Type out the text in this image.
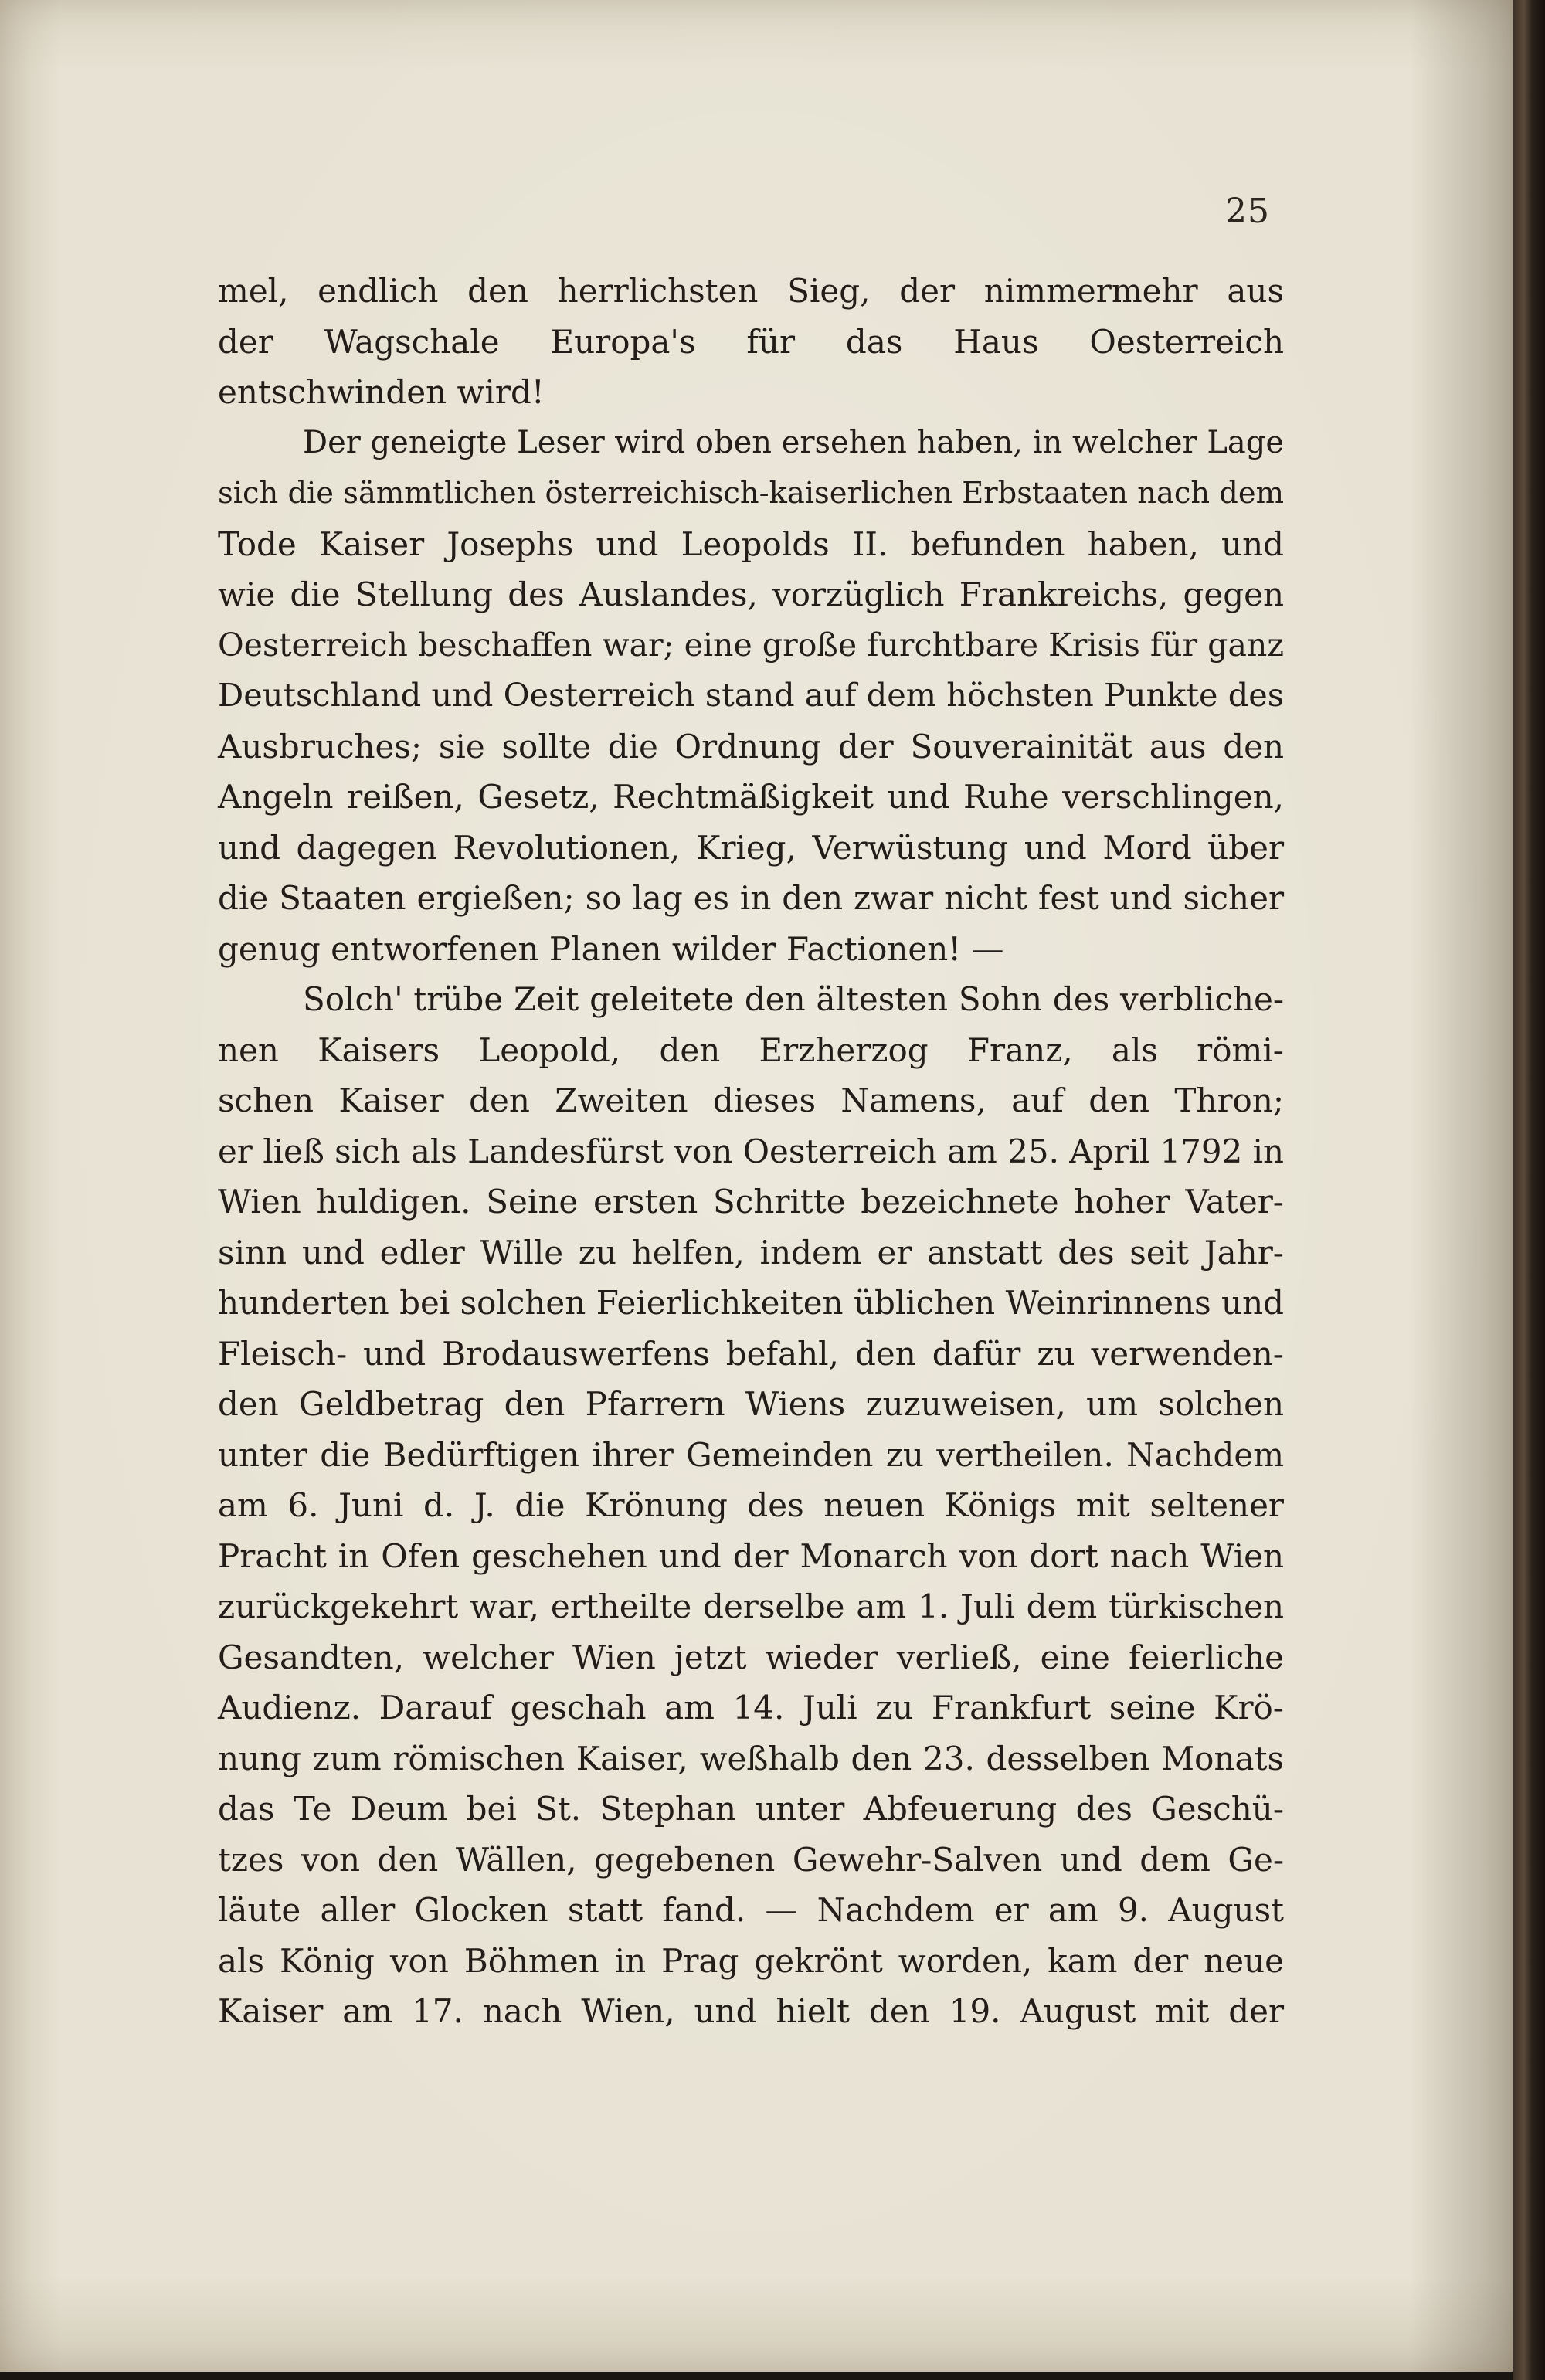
25
mel, endlich den herrlichsten Sieg, der nimmermehr aus
der Wagschale Europa's für das Haus Oesterreich
entschwinden wird!
Der geneigte Leser wird oben ersehen haben, in welcher Lage
sich die sämmtlichen österreichisch-kaiserlichen Erbstaaten nach dem
Tode Kaiser Josephs und Leopolds II. befunden haben, und
wie die Stellung des Auslandes, vorzüglich Frankreichs, gegen
Oesterreich beschaffen war; eine große furchtbare Krisis für ganz
Deutschland und Oesterreich stand auf dem höchsten Punkte des
Ausbruches; sie sollte die Ordnung der Souverainität aus den
Angeln reißen, Gesetz, Rechtmäßigkeit und Ruhe verschlingen,
und dagegen Revolutionen, Krieg, Verwüstung und Mord über
die Staaten ergießen; so lag es in den zwar nicht fest und sicher
genug entworfenen Planen wilder Factionen! —
Solch' trübe Zeit geleitete den ältesten Sohn des verbliche-
nen Kaisers Leopold, den Erzherzog Franz, als römi-
schen Kaiser den Zweiten dieses Namens, auf den Thron;
er ließ sich als Landesfürst von Oesterreich am 25. April 1792 in
Wien huldigen. Seine ersten Schritte bezeichnete hoher Vater-
sinn und edler Wille zu helfen, indem er anstatt des seit Jahr-
hunderten bei solchen Feierlichkeiten üblichen Weinrinnens und
Fleisch- und Brodauswerfens befahl, den dafür zu verwenden-
den Geldbetrag den Pfarrern Wiens zuzuweisen, um solchen
unter die Bedürftigen ihrer Gemeinden zu vertheilen. Nachdem
am 6. Juni d. J. die Krönung des neuen Königs mit seltener
Pracht in Ofen geschehen und der Monarch von dort nach Wien
zurückgekehrt war, ertheilte derselbe am 1. Juli dem türkischen
Gesandten, welcher Wien jetzt wieder verließ, eine feierliche
Audienz. Darauf geschah am 14. Juli zu Frankfurt seine Krö-
nung zum römischen Kaiser, weßhalb den 23. desselben Monats
das Te Deum bei St. Stephan unter Abfeuerung des Geschü-
tzes von den Wällen, gegebenen Gewehr-Salven und dem Ge-
läute aller Glocken statt fand. — Nachdem er am 9. August
als König von Böhmen in Prag gekrönt worden, kam der neue
Kaiser am 17. nach Wien, und hielt den 19. August mit der
